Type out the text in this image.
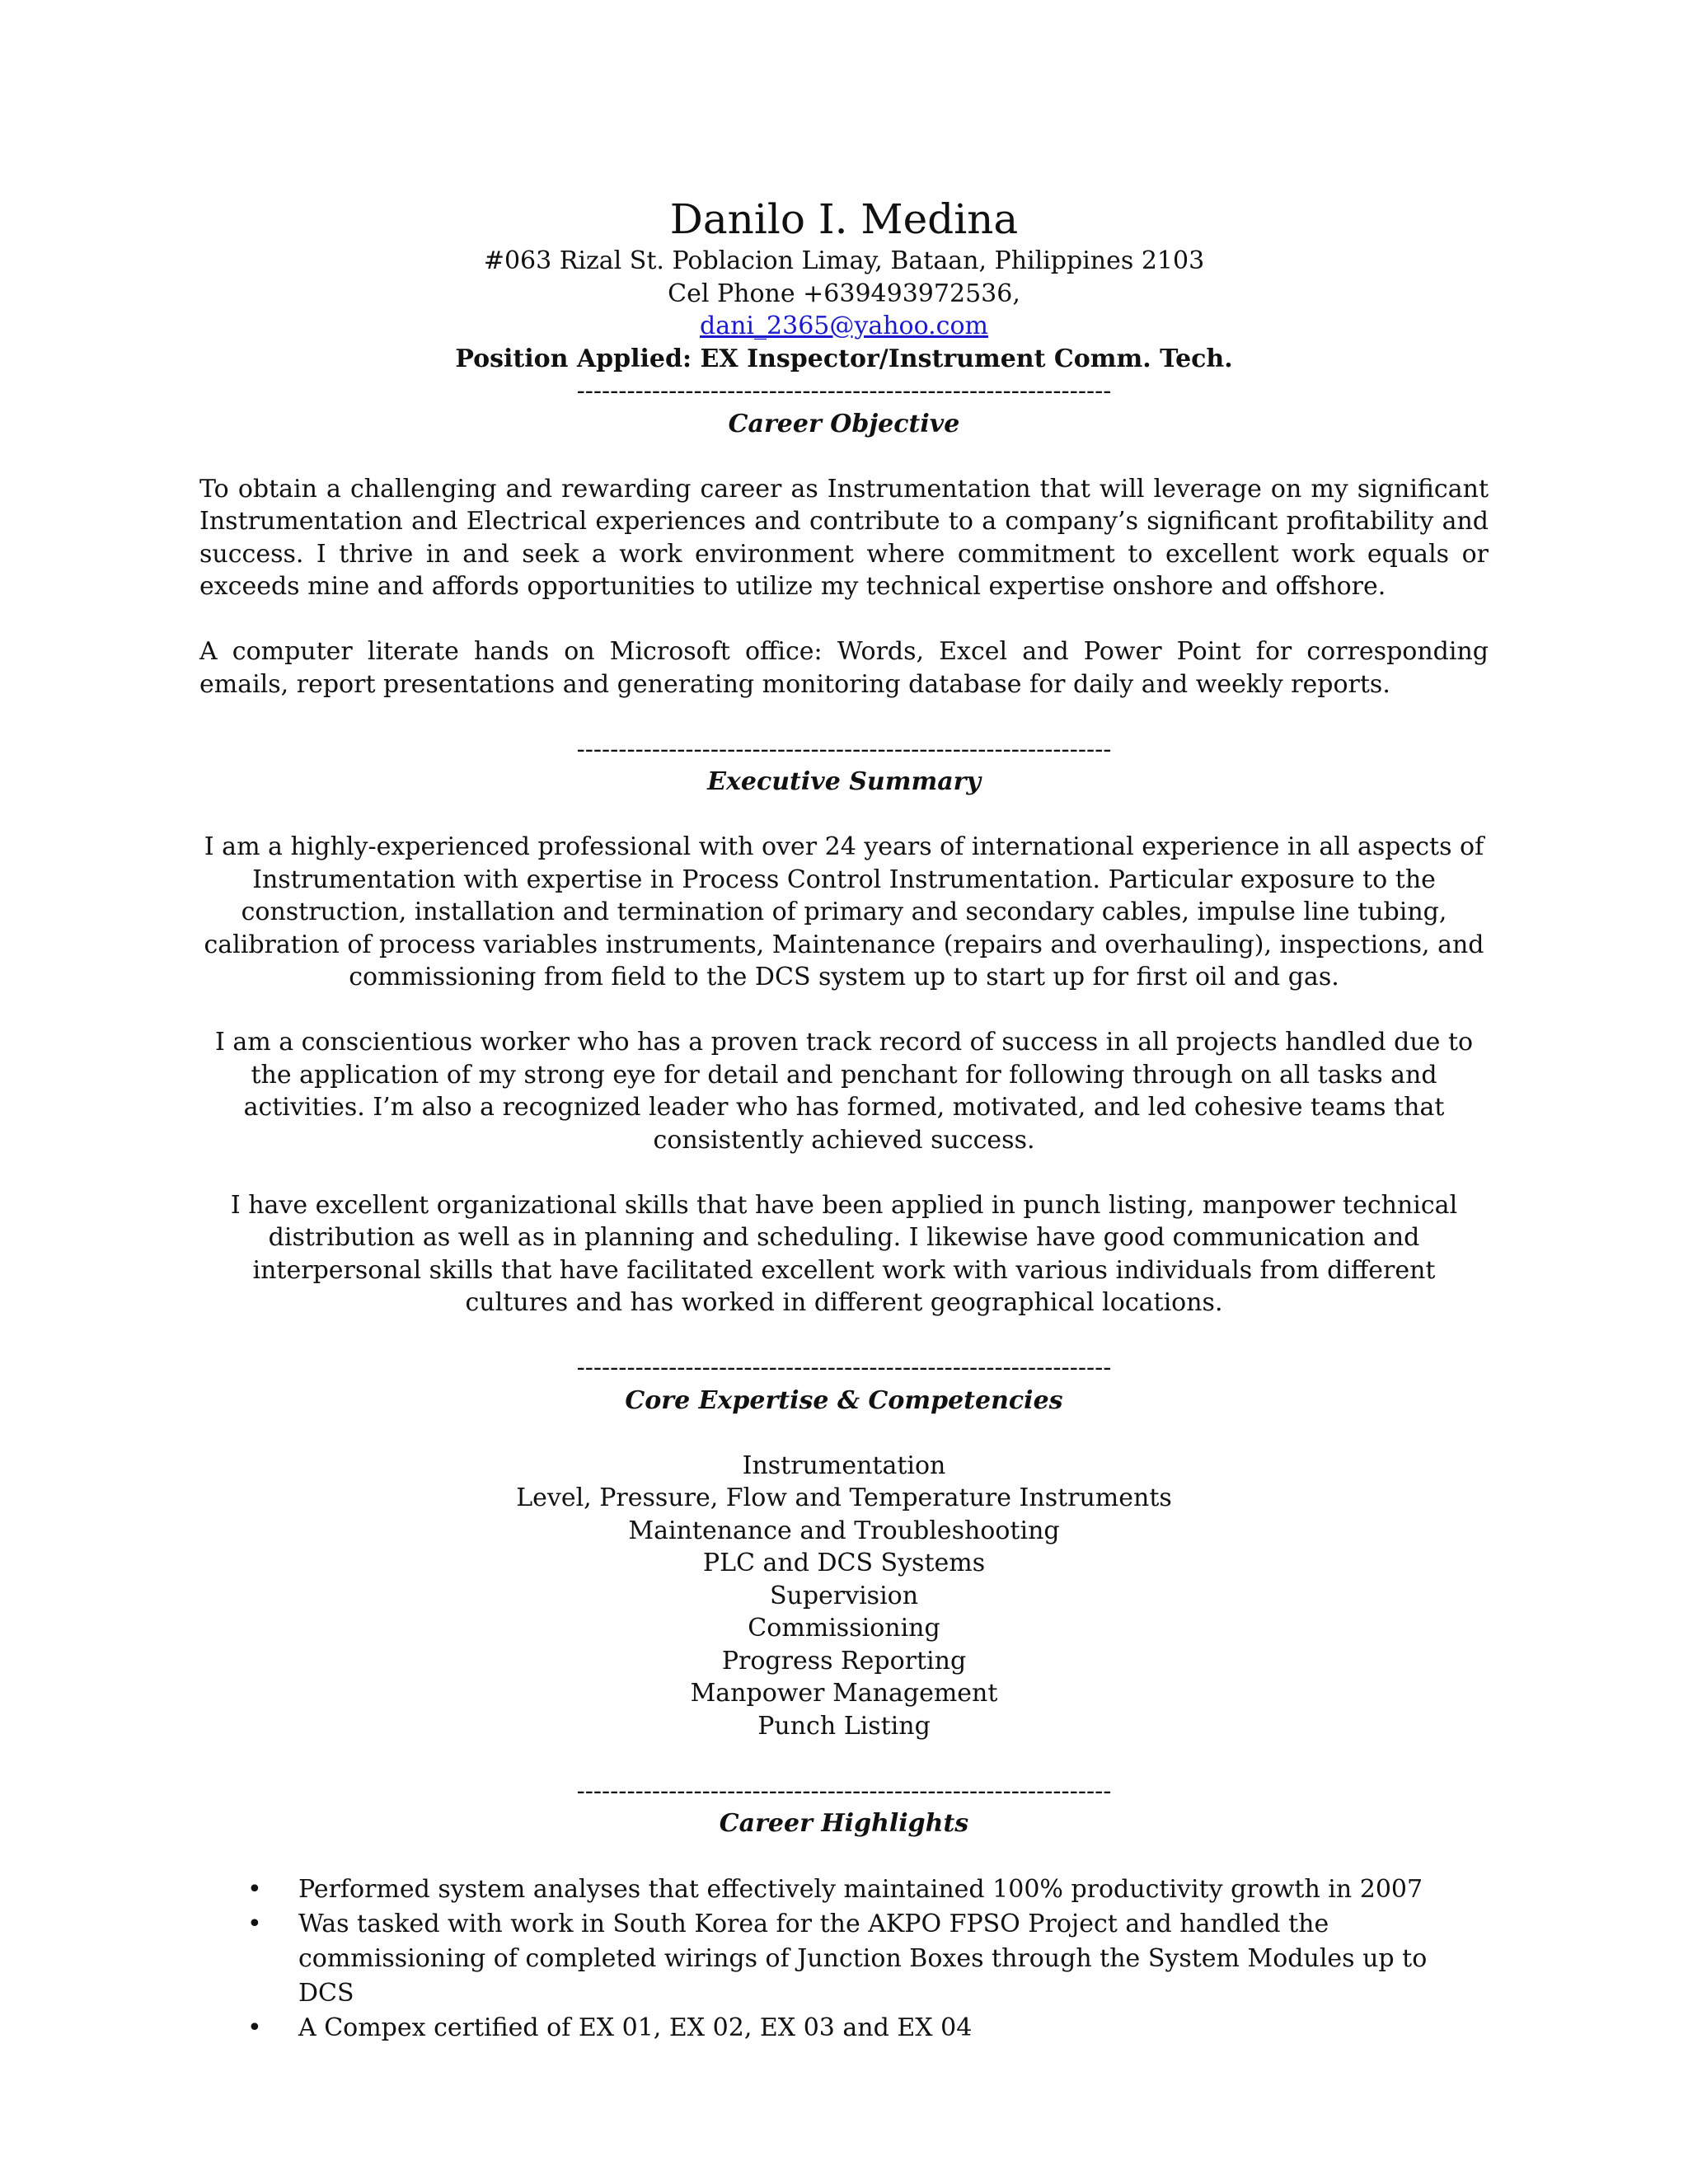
Danilo I. Medina
#063 Rizal St. Poblacion Limay, Bataan, Philippines 2103
Cel Phone +639493972536,
dani_2365@yahoo.com
Position Applied: EX Inspector/Instrument Comm. Tech.
----------------------------------------------------------------
Career Objective

To obtain a challenging and rewarding career as Instrumentation that will leverage on my significant Instrumentation and Electrical experiences and contribute to a company’s significant profitability and success. I thrive in and seek a work environment where commitment to excellent work equals or exceeds mine and affords opportunities to utilize my technical expertise onshore and offshore.

A computer literate hands on Microsoft office: Words, Excel and Power Point for corresponding emails, report presentations and generating monitoring database for daily and weekly reports.

----------------------------------------------------------------
Executive Summary

I am a highly-experienced professional with over 24 years of international experience in all aspects of Instrumentation with expertise in Process Control Instrumentation. Particular exposure to the construction, installation and termination of primary and secondary cables, impulse line tubing, calibration of process variables instruments, Maintenance (repairs and overhauling), inspections, and commissioning from field to the DCS system up to start up for first oil and gas.

I am a conscientious worker who has a proven track record of success in all projects handled due to the application of my strong eye for detail and penchant for following through on all tasks and activities. I’m also a recognized leader who has formed, motivated, and led cohesive teams that consistently achieved success.

I have excellent organizational skills that have been applied in punch listing, manpower technical distribution as well as in planning and scheduling. I likewise have good communication and interpersonal skills that have facilitated excellent work with various individuals from different cultures and has worked in different geographical locations.

----------------------------------------------------------------
Core Expertise & Competencies
Instrumentation
Level, Pressure, Flow and Temperature Instruments
Maintenance and Troubleshooting
PLC and DCS Systems
Supervision
Commissioning
Progress Reporting
Manpower Management
Punch Listing
----------------------------------------------------------------
Career Highlights
• Performed system analyses that effectively maintained 100% productivity growth in 2007
• Was tasked with work in South Korea for the AKPO FPSO Project and handled the commissioning of completed wirings of Junction Boxes through the System Modules up to DCS
• A Compex certified of EX 01, EX 02, EX 03 and EX 04
